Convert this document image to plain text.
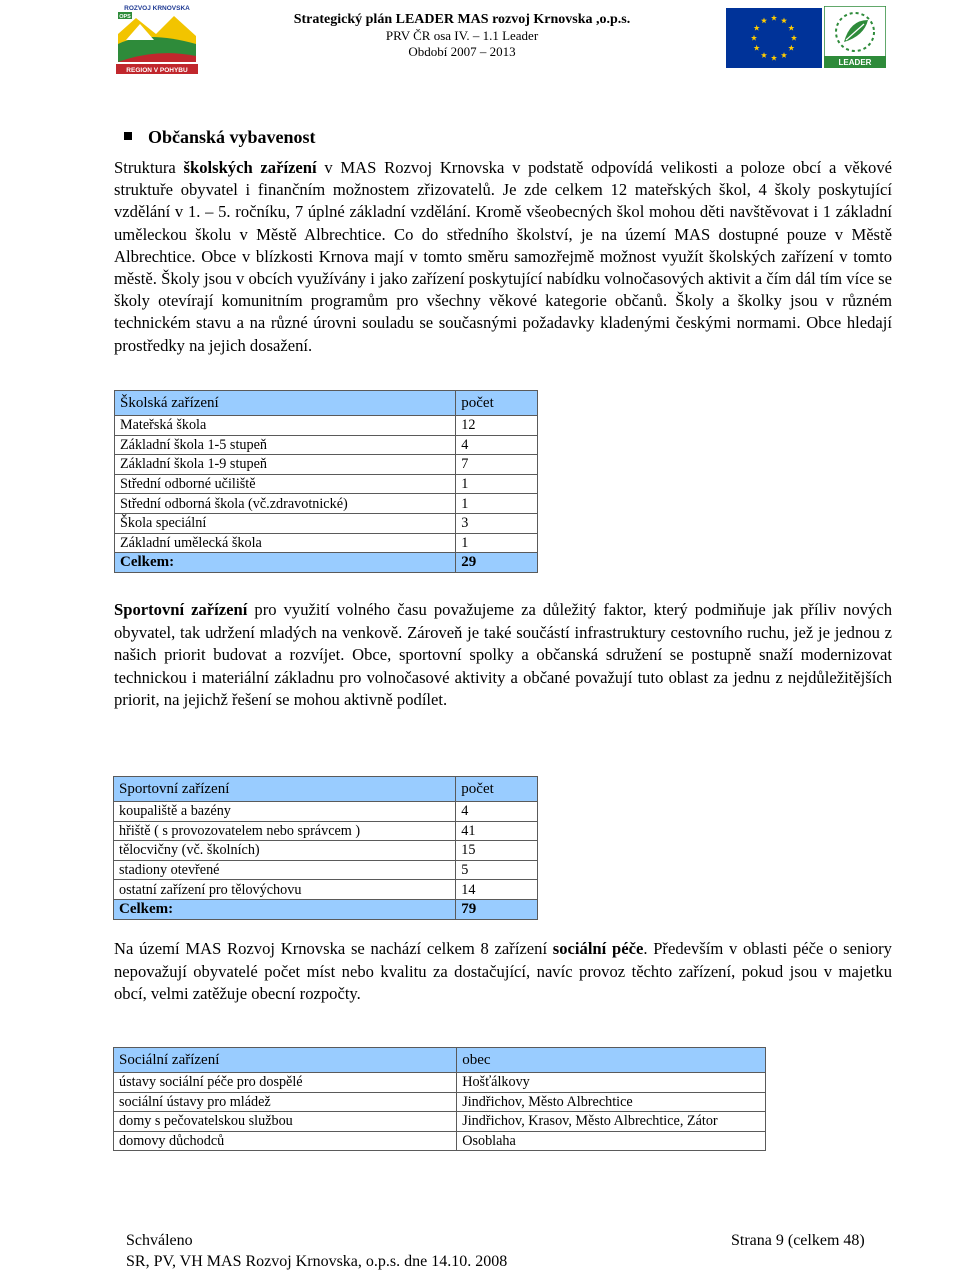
ROZVOJ KRNOVSKA
OPS
REGION V POHYBU
Strategický plán LEADER MAS rozvoj Krnovska ,o.p.s.
PRV ČR osa IV. – 1.1 Leader
Období 2007 – 2013
LEADER
Občanská vybavenost

Struktura školských zařízení v MAS Rozvoj Krnovska v podstatě odpovídá velikosti a poloze obcí a věkové struktuře obyvatel i finančním možnostem zřizovatelů. Je zde celkem 12 mateřských škol, 4 školy poskytující vzdělání v 1. – 5. ročníku, 7 úplné základní vzdělání. Kromě všeobecných škol mohou děti navštěvovat i 1 základní uměleckou školu v Městě Albrechtice. Co do středního školství, je na území MAS dostupné pouze v Městě Albrechtice. Obce v blízkosti Krnova mají v tomto směru samozřejmě možnost využít školských zařízení v tomto městě. Školy jsou v obcích využívány i jako zařízení poskytující nabídku volnočasových aktivit a čím dál tím více se školy otevírají komunitním programům pro všechny věkové kategorie občanů. Školy a školky jsou v různém technickém stavu a na různé úrovni souladu se současnými požadavky kladenými českými normami. Obce hledají prostředky na jejich dosažení.

Školská zařízení	počet
Mateřská škola	12
Základní škola 1-5 stupeň	4
Základní škola 1-9 stupeň	7
Střední odborné učiliště	1
Střední odborná škola (vč.zdravotnické)	1
Škola speciální	3
Základní umělecká škola	1
Celkem:	29

Sportovní zařízení pro využití volného času považujeme za důležitý faktor, který podmiňuje jak příliv nových obyvatel, tak udržení mladých na venkově. Zároveň je také součástí infrastruktury cestovního ruchu, jež je jednou z našich priorit budovat a rozvíjet. Obce, sportovní spolky a občanská sdružení se postupně snaží modernizovat technickou i materiální základnu pro volnočasové aktivity a občané považují tuto oblast za jednu z nejdůležitějších priorit, na jejichž řešení se mohou aktivně podílet.

Sportovní zařízení	počet
koupaliště a bazény	4
hřiště ( s provozovatelem nebo správcem )	41
tělocvičny (vč. školních)	15
stadiony otevřené	5
ostatní zařízení pro tělovýchovu	14
Celkem:	79

Na území MAS Rozvoj Krnovska se nachází celkem 8 zařízení sociální péče. Především v oblasti péče o seniory nepovažují obyvatelé počet míst nebo kvalitu za dostačující, navíc provoz těchto zařízení, pokud jsou v majetku obcí, velmi zatěžuje obecní rozpočty.

Sociální zařízení	obec
ústavy sociální péče pro dospělé	Hošťálkovy
sociální ústavy pro mládež	Jindřichov, Město Albrechtice
domy s pečovatelskou službou	Jindřichov, Krasov, Město Albrechtice, Zátor
domovy důchodců	Osoblaha
Schváleno
SR, PV, VH MAS Rozvoj Krnovska, o.p.s. dne 14.10. 2008
Strana 9 (celkem 48)
